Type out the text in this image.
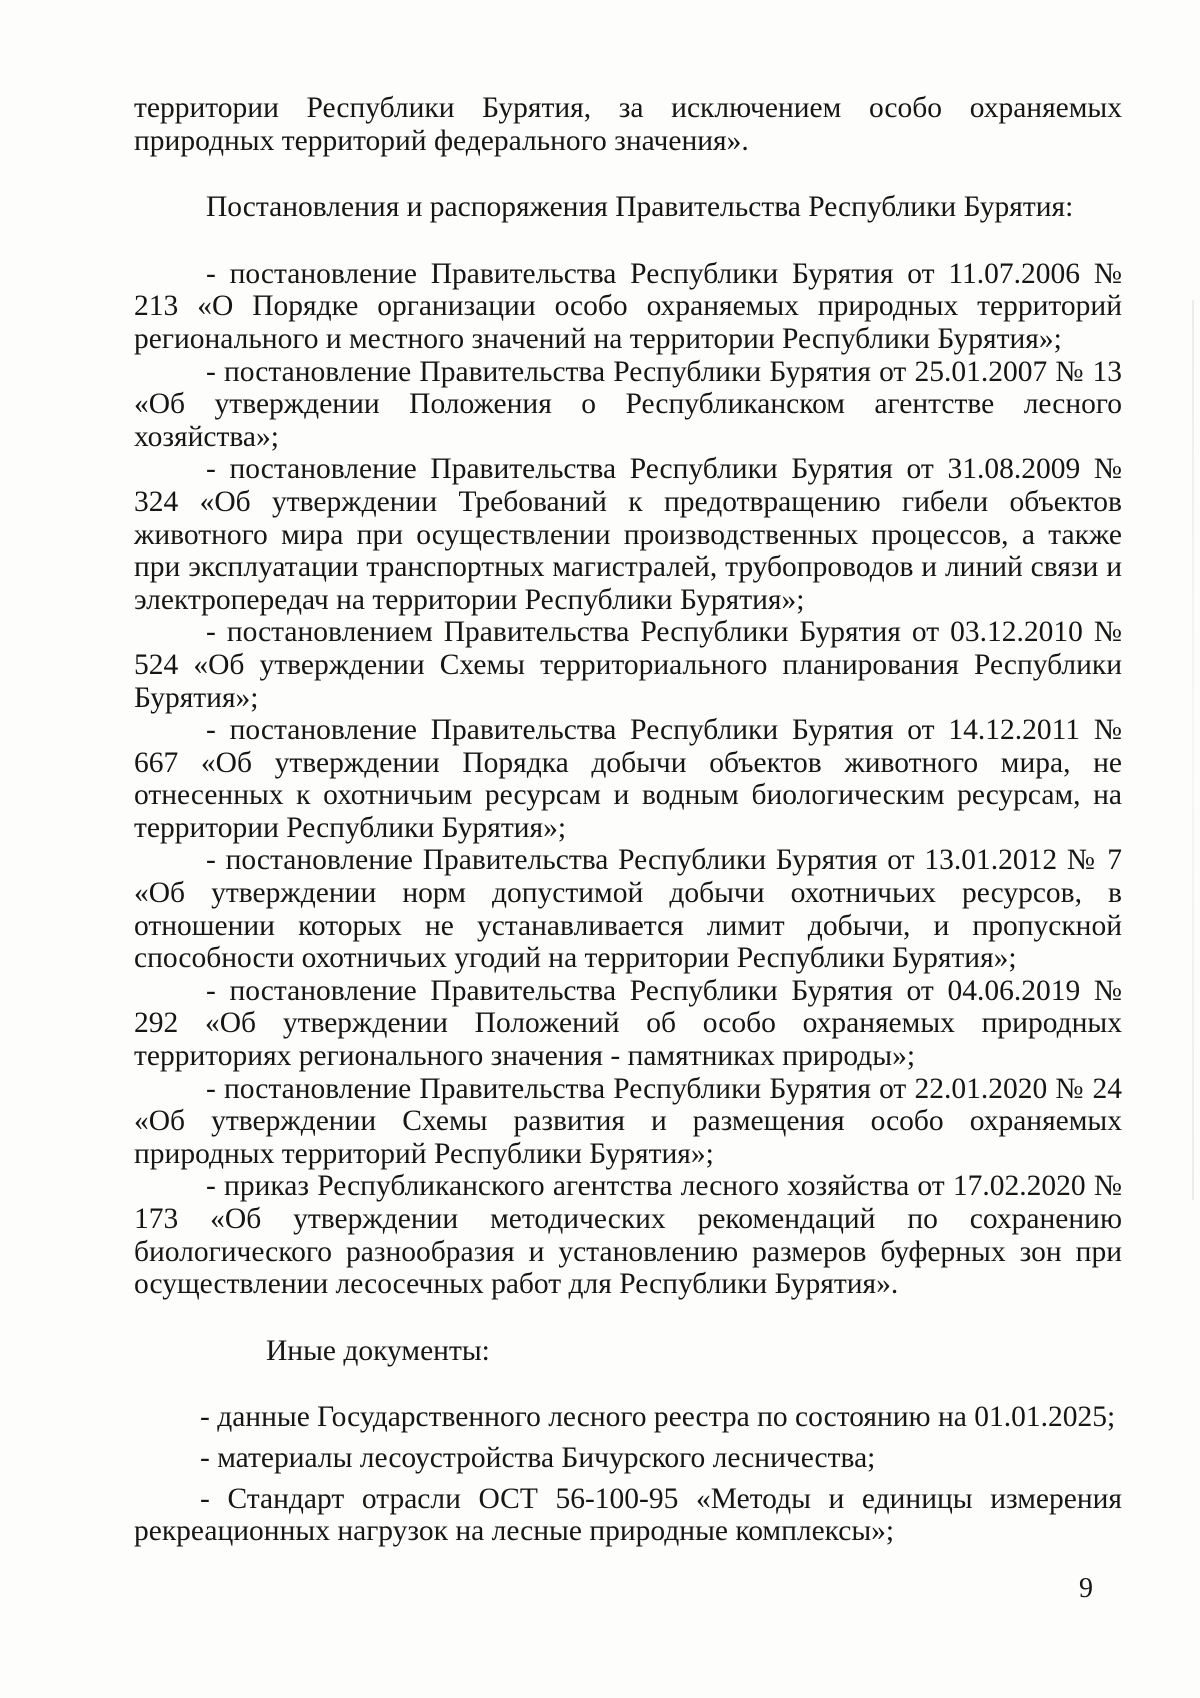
территории Республики Бурятия, за исключением особо охраняемых природных территорий федерального значения».

Постановления и распоряжения Правительства Республики Бурятия:

- постановление Правительства Республики Бурятия от 11.07.2006 № 213 «О Порядке организации особо охраняемых природных территорий регионального и местного значений на территории Республики Бурятия»;

- постановление Правительства Республики Бурятия от 25.01.2007 № 13 «Об утверждении Положения о Республиканском агентстве лесного хозяйства»;

- постановление Правительства Республики Бурятия от 31.08.2009 № 324 «Об утверждении Требований к предотвращению гибели объектов животного мира при осуществлении производственных процессов, а также при эксплуатации транспортных магистралей, трубопроводов и линий связи и электропередач на территории Республики Бурятия»;

- постановлением Правительства Республики Бурятия от 03.12.2010 № 524 «Об утверждении Схемы территориального планирования Республики Бурятия»;

- постановление Правительства Республики Бурятия от 14.12.2011 № 667 «Об утверждении Порядка добычи объектов животного мира, не отнесенных к охотничьим ресурсам и водным биологическим ресурсам, на территории Республики Бурятия»;

- постановление Правительства Республики Бурятия от 13.01.2012 № 7 «Об утверждении норм допустимой добычи охотничьих ресурсов, в отношении которых не устанавливается лимит добычи, и пропускной способности охотничьих угодий на территории Республики Бурятия»;

- постановление Правительства Республики Бурятия от 04.06.2019 № 292 «Об утверждении Положений об особо охраняемых природных территориях регионального значения - памятниках природы»;

- постановление Правительства Республики Бурятия от 22.01.2020 № 24 «Об утверждении Схемы развития и размещения особо охраняемых природных территорий Республики Бурятия»;

- приказ Республиканского агентства лесного хозяйства от 17.02.2020 № 173 «Об утверждении методических рекомендаций по сохранению биологического разнообразия и установлению размеров буферных зон при осуществлении лесосечных работ для Республики Бурятия».

Иные документы:

- данные Государственного лесного реестра по состоянию на 01.01.2025;

- материалы лесоустройства Бичурского лесничества;

- Стандарт отрасли ОСТ 56-100-95 «Методы и единицы измерения рекреационных нагрузок на лесные природные комплексы»;

9
